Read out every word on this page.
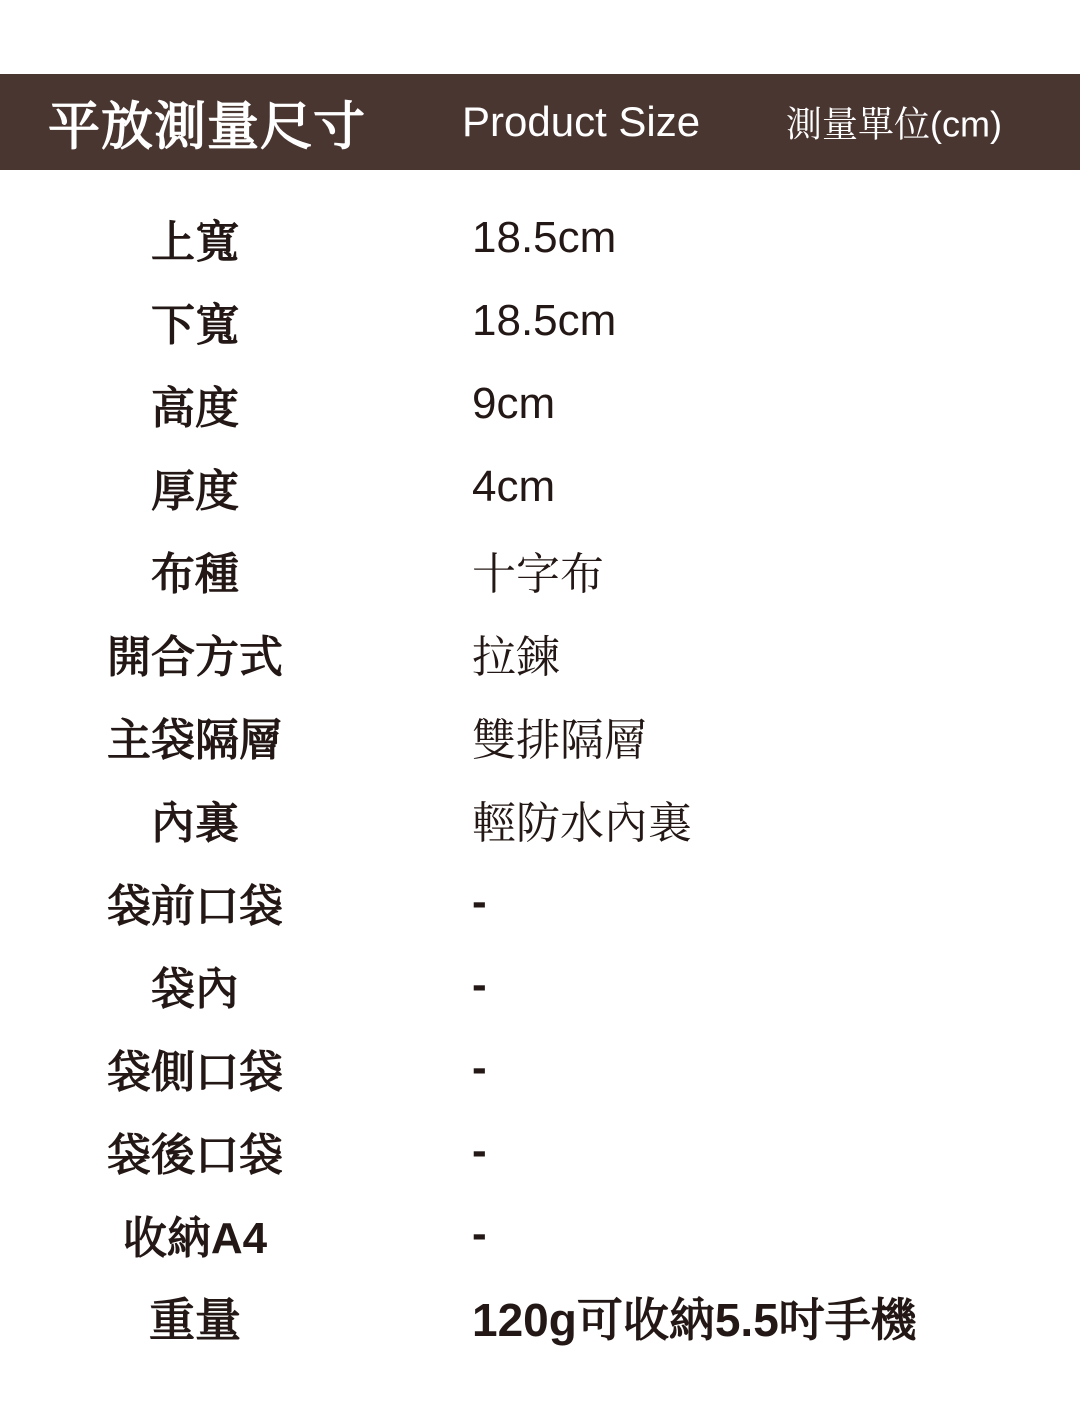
平放測量尺寸 Product Size 測量單位(cm)
上寬	18.5cm
下寬	18.5cm
高度	9cm
厚度	4cm
布種	十字布
開合方式	拉鍊
主袋隔層	雙排隔層
內裏	輕防水內裏
袋前口袋	-
袋內	-
袋側口袋	-
袋後口袋	-
收納A4	-
重量	120g可收納5.5吋手機
